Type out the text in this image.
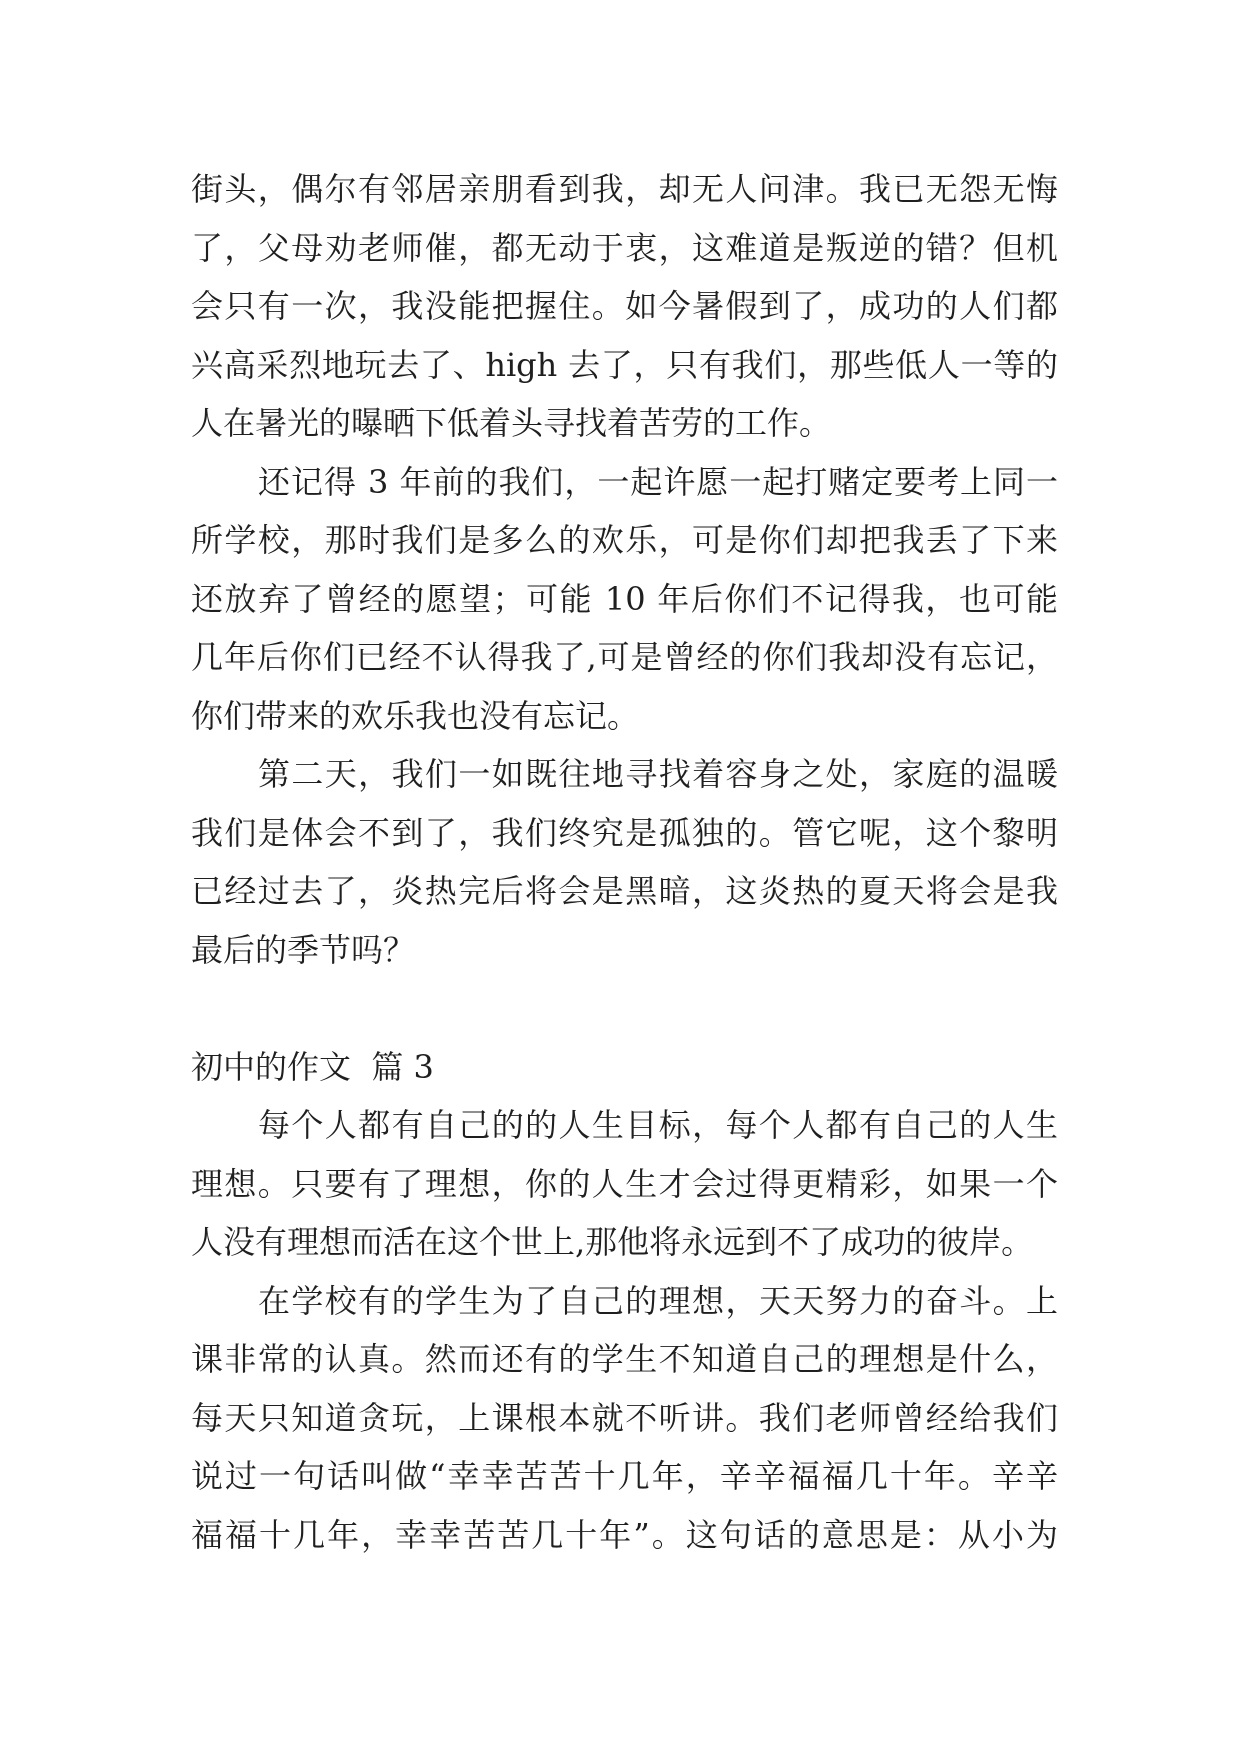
街头，偶尔有邻居亲朋看到我，却无人问津。我已无怨无悔
了，父母劝老师催，都无动于衷，这难道是叛逆的错？但机
会只有一次，我没能把握住。如今暑假到了，成功的人们都
兴高采烈地玩去了、high 去了，只有我们，那些低人一等的
人在暑光的曝晒下低着头寻找着苦劳的工作。
还记得 3 年前的我们，一起许愿一起打赌定要考上同一
所学校，那时我们是多么的欢乐，可是你们却把我丢了下来
还放弃了曾经的愿望；可能 10 年后你们不记得我，也可能
几年后你们已经不认得我了,可是曾经的你们我却没有忘记，
你们带来的欢乐我也没有忘记。
第二天，我们一如既往地寻找着容身之处，家庭的温暖
我们是体会不到了，我们终究是孤独的。管它呢，这个黎明
已经过去了，炎热完后将会是黑暗，这炎热的夏天将会是我
最后的季节吗？
初中的作文  篇 3
每个人都有自己的的人生目标，每个人都有自己的人生
理想。只要有了理想，你的人生才会过得更精彩，如果一个
人没有理想而活在这个世上,那他将永远到不了成功的彼岸。
在学校有的学生为了自己的理想，天天努力的奋斗。上
课非常的认真。然而还有的学生不知道自己的理想是什么，
每天只知道贪玩，上课根本就不听讲。我们老师曾经给我们
说过一句话叫做“幸幸苦苦十几年，辛辛福福几十年。辛辛
福福十几年，幸幸苦苦几十年”。这句话的意思是：从小为
